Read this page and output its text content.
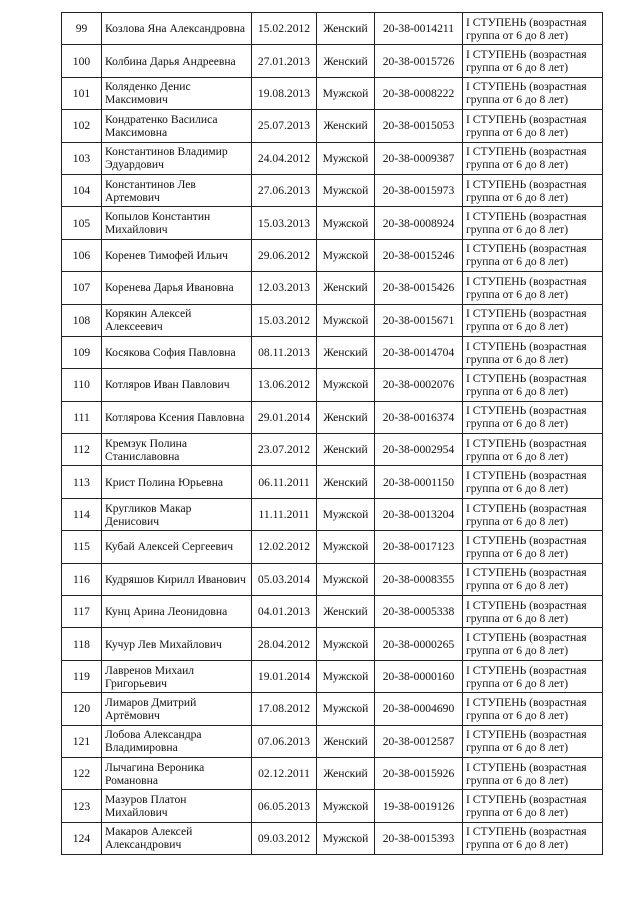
99	Козлова Яна Александровна	15.02.2012	Женский	20-38-0014211	I СТУПЕНЬ (возрастная группа от 6 до 8 лет)

100	Колбина Дарья Андреевна	27.01.2013	Женский	20-38-0015726	I СТУПЕНЬ (возрастная группа от 6 до 8 лет)

101	Коляденко Денис Максимович	19.08.2013	Мужской	20-38-0008222	I СТУПЕНЬ (возрастная группа от 6 до 8 лет)

102	Кондратенко Василиса Максимовна	25.07.2013	Женский	20-38-0015053	I СТУПЕНЬ (возрастная группа от 6 до 8 лет)

103	Константинов Владимир Эдуардович	24.04.2012	Мужской	20-38-0009387	I СТУПЕНЬ (возрастная группа от 6 до 8 лет)

104	Константинов Лев Артемович	27.06.2013	Мужской	20-38-0015973	I СТУПЕНЬ (возрастная группа от 6 до 8 лет)

105	Копылов Константин Михайлович	15.03.2013	Мужской	20-38-0008924	I СТУПЕНЬ (возрастная группа от 6 до 8 лет)

106	Коренев Тимофей Ильич	29.06.2012	Мужской	20-38-0015246	I СТУПЕНЬ (возрастная группа от 6 до 8 лет)

107	Коренева Дарья Ивановна	12.03.2013	Женский	20-38-0015426	I СТУПЕНЬ (возрастная группа от 6 до 8 лет)

108	Корякин Алексей Алексеевич	15.03.2012	Мужской	20-38-0015671	I СТУПЕНЬ (возрастная группа от 6 до 8 лет)

109	Косякова София Павловна	08.11.2013	Женский	20-38-0014704	I СТУПЕНЬ (возрастная группа от 6 до 8 лет)

110	Котляров Иван Павлович	13.06.2012	Мужской	20-38-0002076	I СТУПЕНЬ (возрастная группа от 6 до 8 лет)

111	Котлярова Ксения Павловна	29.01.2014	Женский	20-38-0016374	I СТУПЕНЬ (возрастная группа от 6 до 8 лет)

112	Кремзук Полина Станиславовна	23.07.2012	Женский	20-38-0002954	I СТУПЕНЬ (возрастная группа от 6 до 8 лет)

113	Крист Полина Юрьевна	06.11.2011	Женский	20-38-0001150	I СТУПЕНЬ (возрастная группа от 6 до 8 лет)

114	Кругликов Макар Денисович	11.11.2011	Мужской	20-38-0013204	I СТУПЕНЬ (возрастная группа от 6 до 8 лет)

115	Кубай Алексей Сергеевич	12.02.2012	Мужской	20-38-0017123	I СТУПЕНЬ (возрастная группа от 6 до 8 лет)

116	Кудряшов Кирилл Иванович	05.03.2014	Мужской	20-38-0008355	I СТУПЕНЬ (возрастная группа от 6 до 8 лет)

117	Кунц Арина Леонидовна	04.01.2013	Женский	20-38-0005338	I СТУПЕНЬ (возрастная группа от 6 до 8 лет)

118	Кучур Лев Михайлович	28.04.2012	Мужской	20-38-0000265	I СТУПЕНЬ (возрастная группа от 6 до 8 лет)

119	Лавренов Михаил Григорьевич	19.01.2014	Мужской	20-38-0000160	I СТУПЕНЬ (возрастная группа от 6 до 8 лет)

120	Лимаров Дмитрий Артёмович	17.08.2012	Мужской	20-38-0004690	I СТУПЕНЬ (возрастная группа от 6 до 8 лет)

121	Лобова Александра Владимировна	07.06.2013	Женский	20-38-0012587	I СТУПЕНЬ (возрастная группа от 6 до 8 лет)

122	Лычагина Вероника Романовна	02.12.2011	Женский	20-38-0015926	I СТУПЕНЬ (возрастная группа от 6 до 8 лет)

123	Мазуров Платон Михайлович	06.05.2013	Мужской	19-38-0019126	I СТУПЕНЬ (возрастная группа от 6 до 8 лет)

124	Макаров Алексей Александрович	09.03.2012	Мужской	20-38-0015393	I СТУПЕНЬ (возрастная группа от 6 до 8 лет)
